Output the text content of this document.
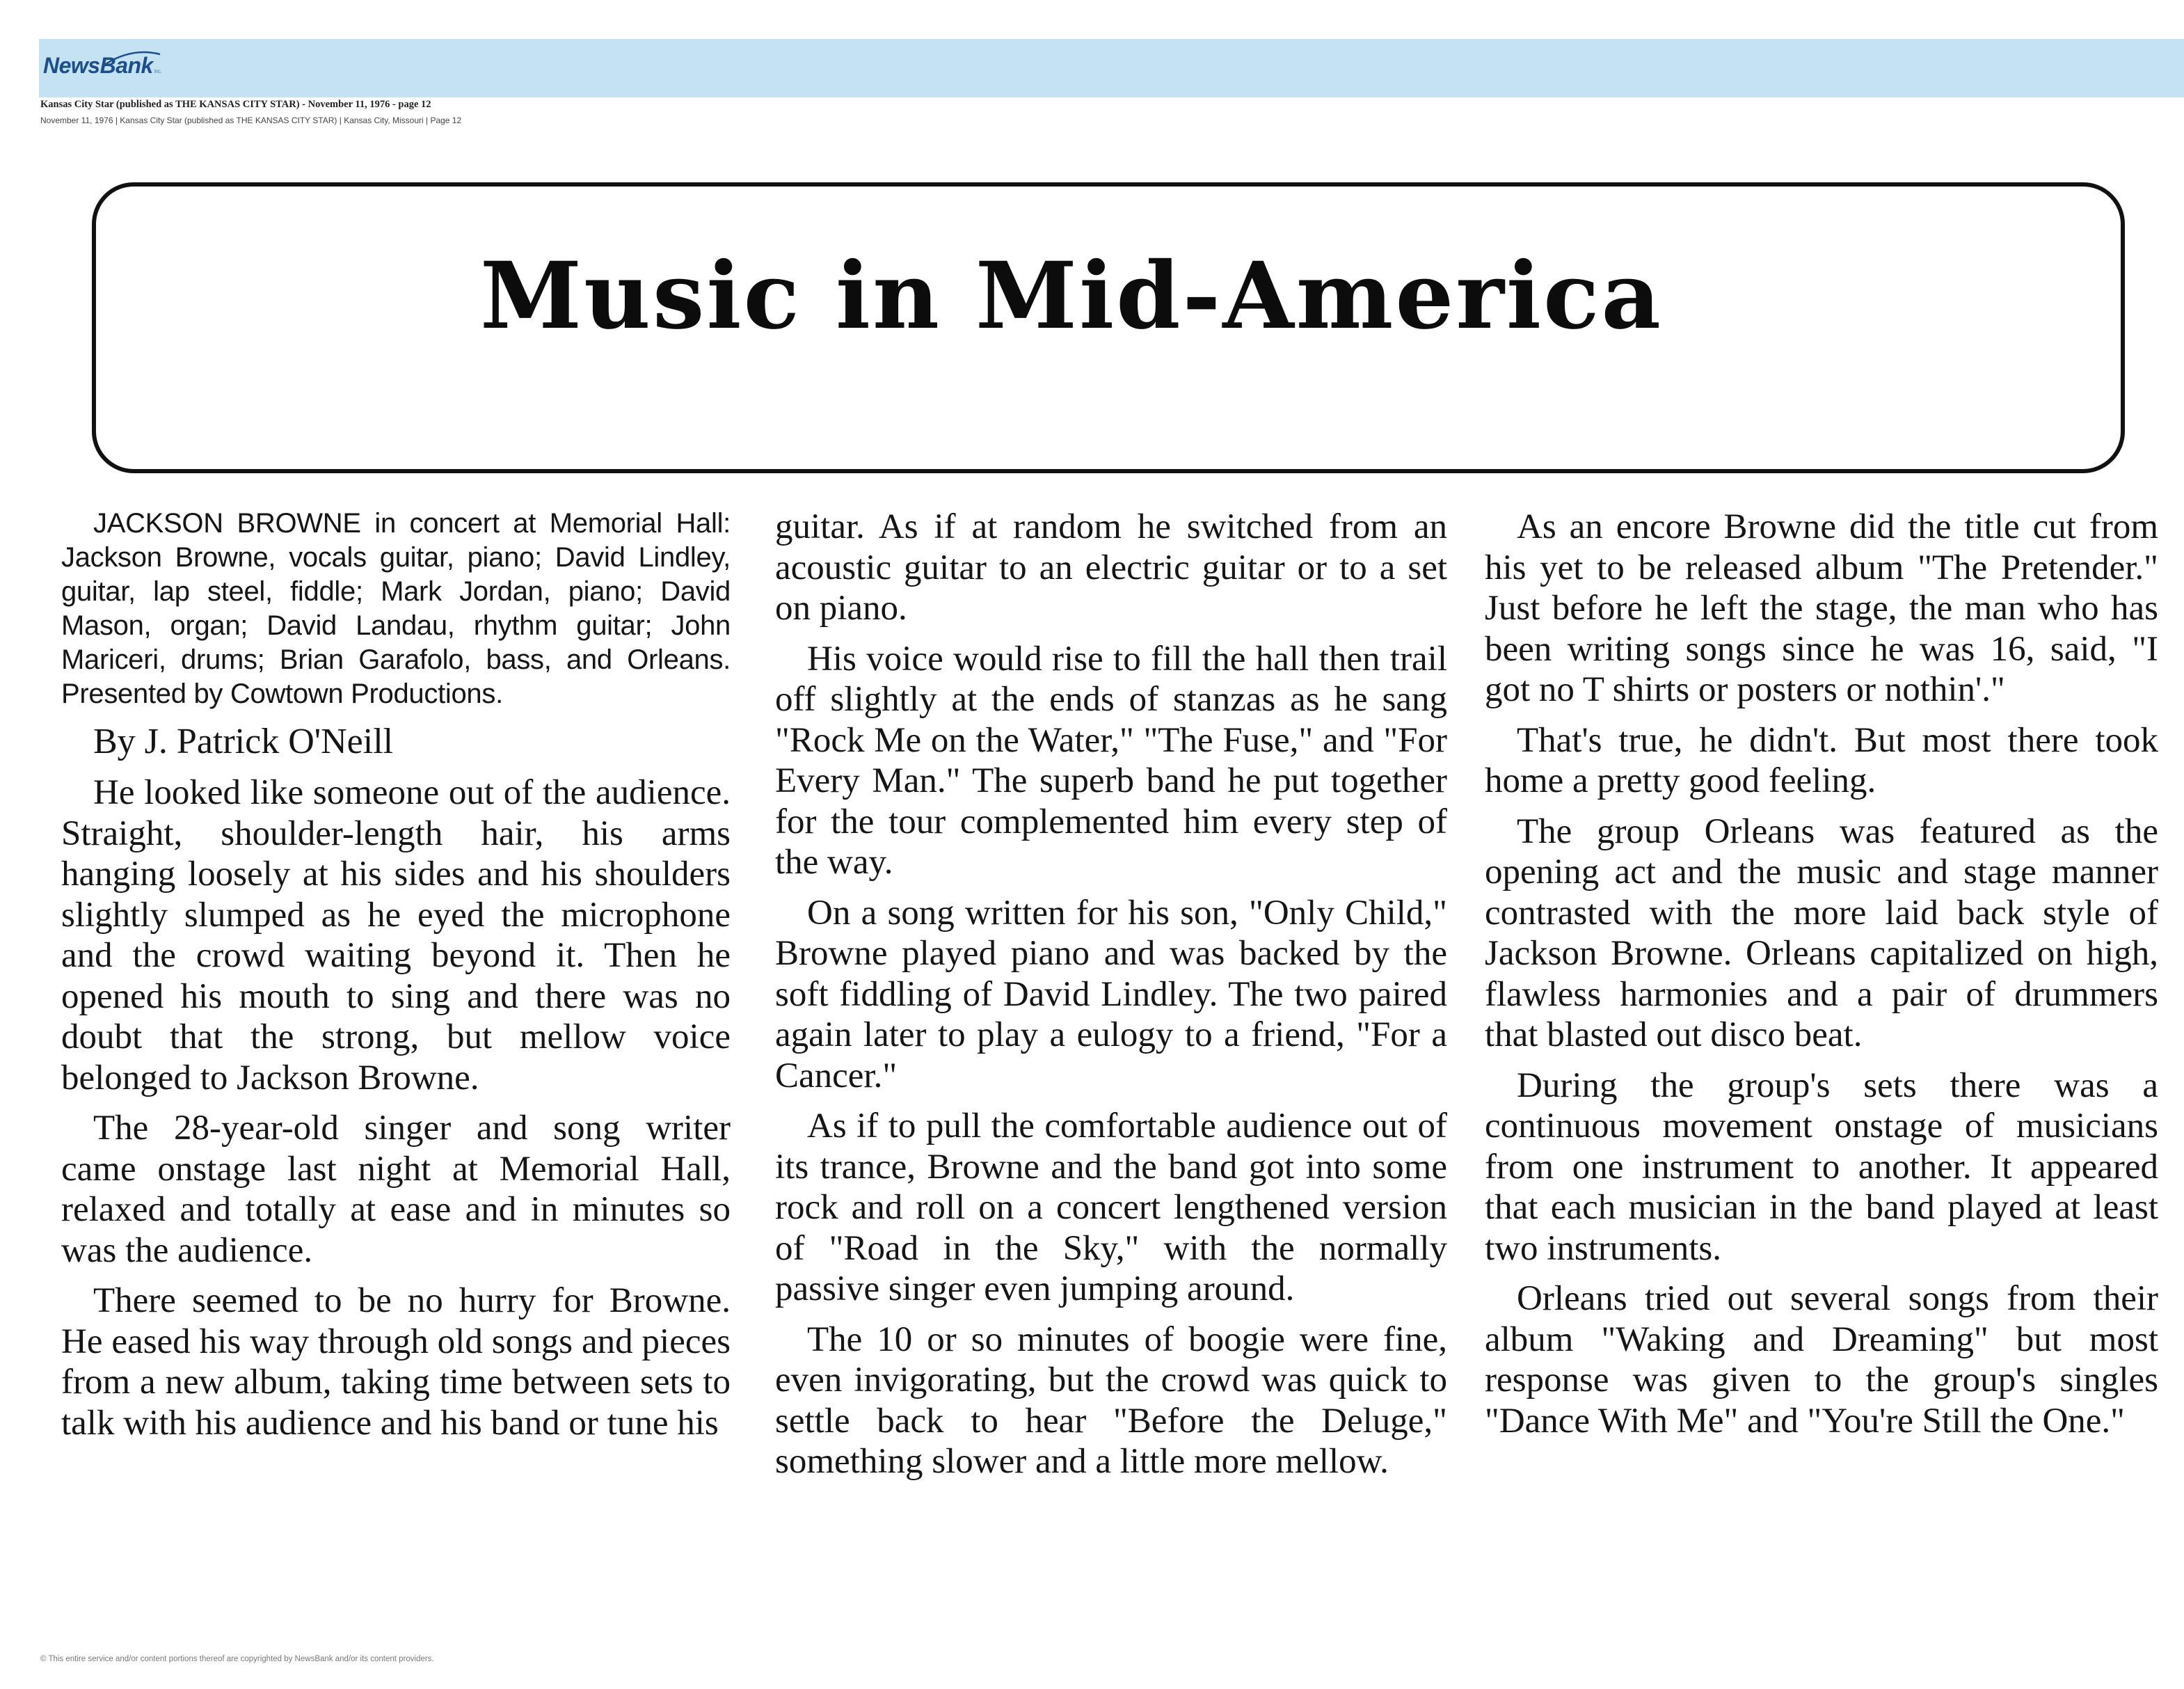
NewsBank inc.
Kansas City Star (published as THE KANSAS CITY STAR) - November 11, 1976 - page 12
November 11, 1976 | Kansas City Star (published as THE KANSAS CITY STAR) | Kansas City, Missouri | Page 12
Music in Mid-America

JACKSON BROWNE in concert at Memorial Hall: Jackson Browne, vocals guitar, piano; David Lindley, guitar, lap steel, fiddle; Mark Jordan, piano; David Mason, organ; David Landau, rhythm guitar; John Mariceri, drums; Brian Garafolo, bass, and Orleans. Presented by Cowtown Productions.

By J. Patrick O'Neill

He looked like someone out of the audience. Straight, shoulder-length hair, his arms hanging loosely at his sides and his shoulders slightly slumped as he eyed the microphone and the crowd waiting beyond it. Then he opened his mouth to sing and there was no doubt that the strong, but mellow voice belonged to Jackson Browne.

The 28-year-old singer and song writer came onstage last night at Memorial Hall, relaxed and totally at ease and in minutes so was the audience.

There seemed to be no hurry for Browne. He eased his way through old songs and pieces from a new album, taking time between sets to talk with his audience and his band or tune his

guitar. As if at random he switched from an acoustic guitar to an electric guitar or to a set on piano.

His voice would rise to fill the hall then trail off slightly at the ends of stanzas as he sang "Rock Me on the Water," "The Fuse," and "For Every Man." The superb band he put together for the tour complemented him every step of the way.

On a song written for his son, "Only Child," Browne played piano and was backed by the soft fiddling of David Lindley. The two paired again later to play a eulogy to a friend, "For a Cancer."

As if to pull the comfortable audience out of its trance, Browne and the band got into some rock and roll on a concert lengthened version of "Road in the Sky," with the normally passive singer even jumping around.

The 10 or so minutes of boogie were fine, even invigorating, but the crowd was quick to settle back to hear "Before the Deluge," something slower and a little more mellow.

As an encore Browne did the title cut from his yet to be released album "The Pretender." Just before he left the stage, the man who has been writing songs since he was 16, said, "I got no T shirts or posters or nothin'."

That's true, he didn't. But most there took home a pretty good feeling.

The group Orleans was featured as the opening act and the music and stage manner contrasted with the more laid back style of Jackson Browne. Orleans capitalized on high, flawless harmonies and a pair of drummers that blasted out disco beat.

During the group's sets there was a continuous movement onstage of musicians from one instrument to another. It appeared that each musician in the band played at least two instruments.

Orleans tried out several songs from their album "Waking and Dreaming" but most response was given to the group's singles "Dance With Me" and "You're Still the One."

© This entire service and/or content portions thereof are copyrighted by NewsBank and/or its content providers.
